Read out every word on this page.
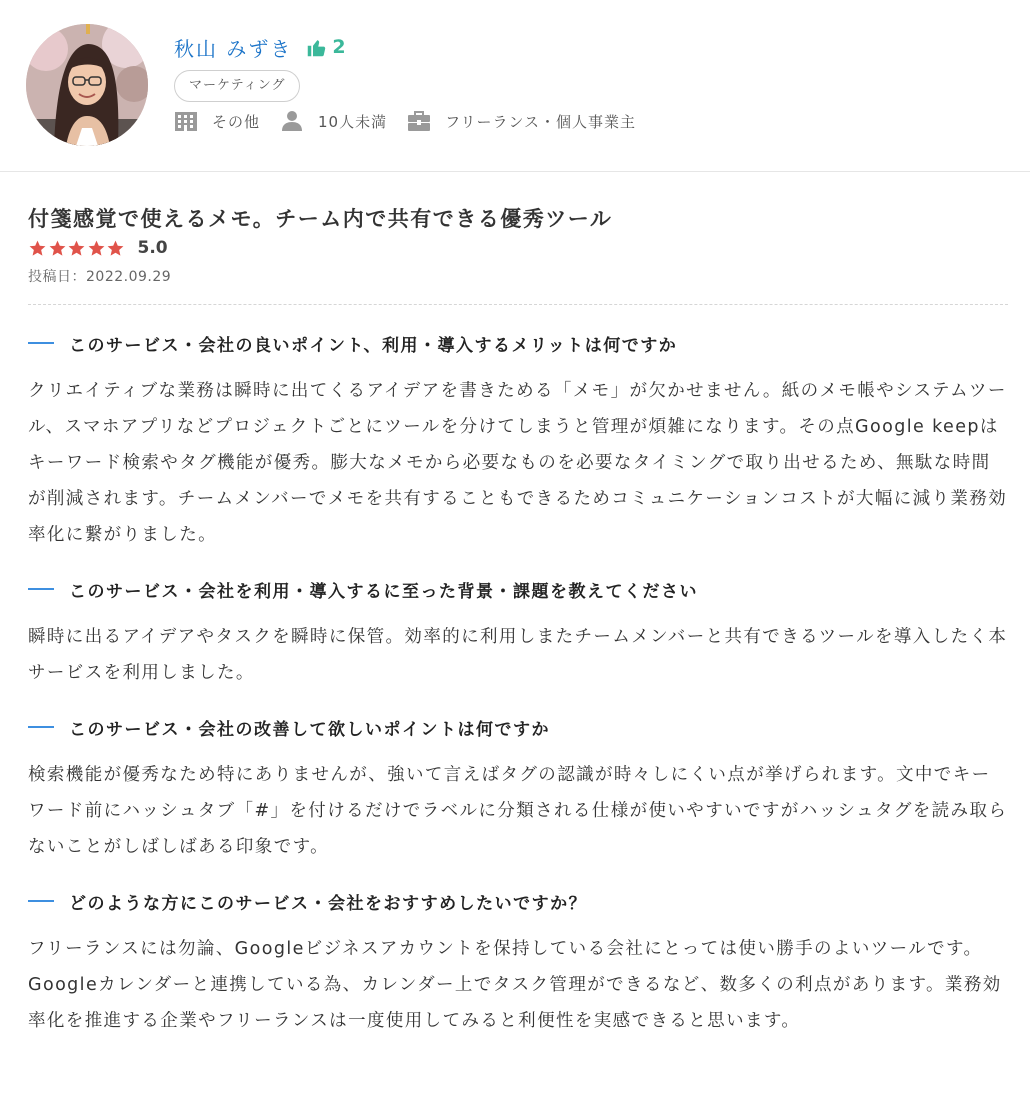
秋山 みずき 2
マーケティング
その他	10人未満	フリーランス・個人事業主
付箋感覚で使えるメモ。チーム内で共有できる優秀ツール
5.0
投稿日：2022.09.29
このサービス・会社の良いポイント、利用・導入するメリットは何ですか

クリエイティブな業務は瞬時に出てくるアイデアを書きためる「メモ」が欠かせません。紙のメモ帳やシステムツール、スマホアプリなどプロジェクトごとにツールを分けてしまうと管理が煩雑になります。その点Google keepはキーワード検索やタグ機能が優秀。膨大なメモから必要なものを必要なタイミングで取り出せるため、無駄な時間が削減されます。チームメンバーでメモを共有することもできるためコミュニケーションコストが大幅に減り業務効率化に繋がりました。

このサービス・会社を利用・導入するに至った背景・課題を教えてください

瞬時に出るアイデアやタスクを瞬時に保管。効率的に利用しまたチームメンバーと共有できるツールを導入したく本サービスを利用しました。

このサービス・会社の改善して欲しいポイントは何ですか

検索機能が優秀なため特にありませんが、強いて言えばタグの認識が時々しにくい点が挙げられます。文中でキーワード前にハッシュタブ「#」を付けるだけでラベルに分類される仕様が使いやすいですがハッシュタグを読み取らないことがしばしばある印象です。

どのような方にこのサービス・会社をおすすめしたいですか？

フリーランスには勿論、Googleビジネスアカウントを保持している会社にとっては使い勝手のよいツールです。Googleカレンダーと連携している為、カレンダー上でタスク管理ができるなど、数多くの利点があります。業務効率化を推進する企業やフリーランスは一度使用してみると利便性を実感できると思います。
